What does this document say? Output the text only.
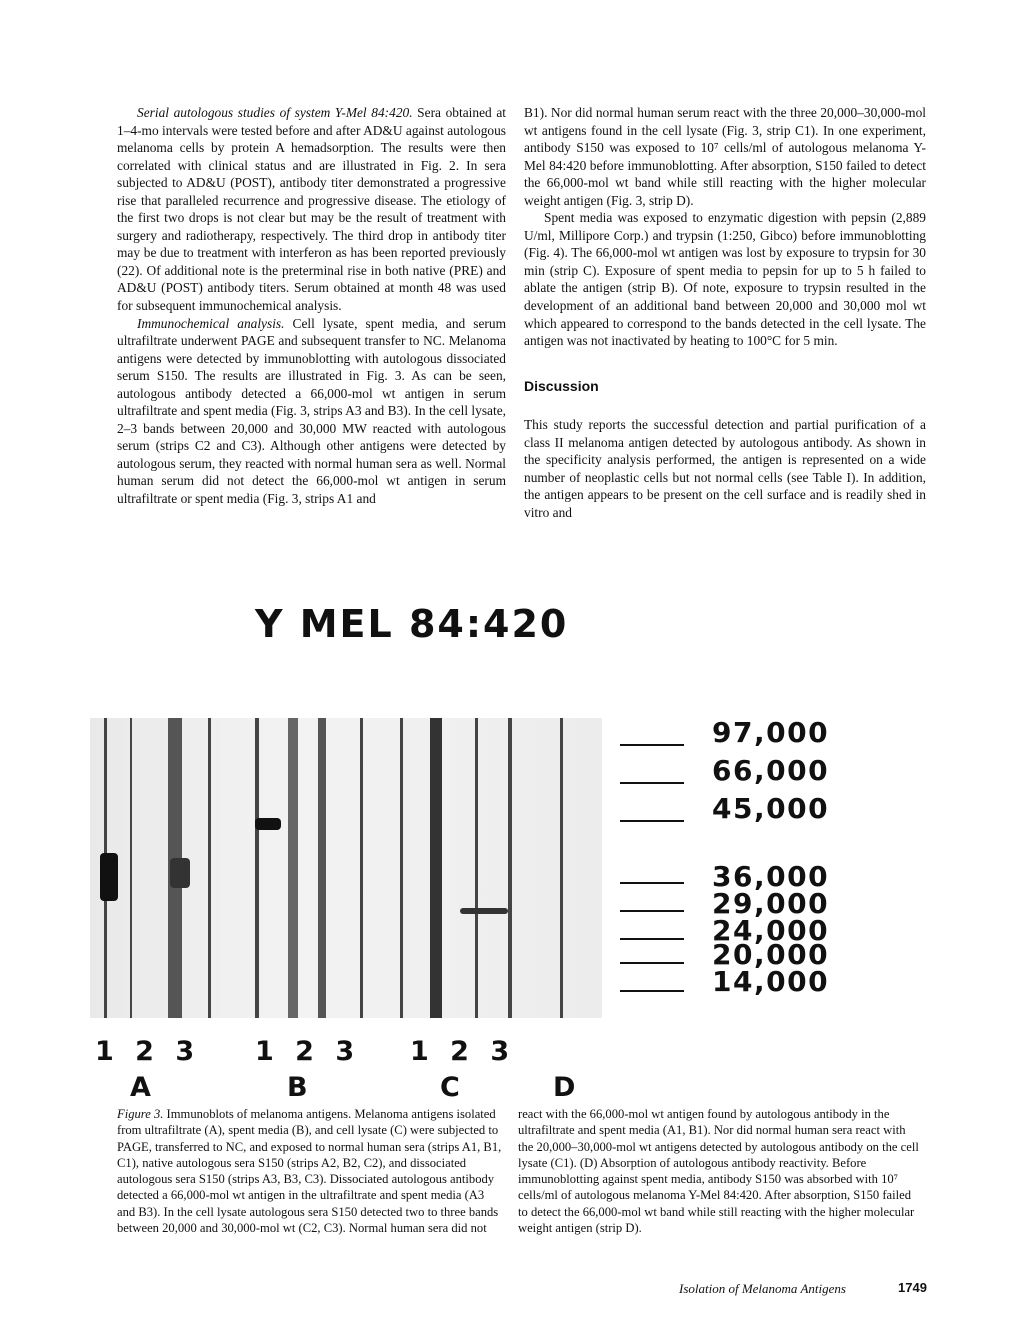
Serial autologous studies of system Y-Mel 84:420. Sera obtained at 1–4-mo intervals were tested before and after AD&U against autologous melanoma cells by protein A hemadsorption. The results were then correlated with clinical status and are illustrated in Fig. 2. In sera subjected to AD&U (POST), antibody titer demonstrated a progressive rise that paralleled recurrence and progressive disease. The etiology of the first two drops is not clear but may be the result of treatment with surgery and radiotherapy, respectively. The third drop in antibody titer may be due to treatment with interferon as has been reported previously (22). Of additional note is the preterminal rise in both native (PRE) and AD&U (POST) antibody titers. Serum obtained at month 48 was used for subsequent immunochemical analysis.

Immunochemical analysis. Cell lysate, spent media, and serum ultrafiltrate underwent PAGE and subsequent transfer to NC. Melanoma antigens were detected by immunoblotting with autologous dissociated serum S150. The results are illustrated in Fig. 3. As can be seen, autologous antibody detected a 66,000-mol wt antigen in serum ultrafiltrate and spent media (Fig. 3, strips A3 and B3). In the cell lysate, 2–3 bands between 20,000 and 30,000 MW reacted with autologous serum (strips C2 and C3). Although other antigens were detected by autologous serum, they reacted with normal human sera as well. Normal human serum did not detect the 66,000-mol wt antigen in serum ultrafiltrate or spent media (Fig. 3, strips A1 and

B1). Nor did normal human serum react with the three 20,000–30,000-mol wt antigens found in the cell lysate (Fig. 3, strip C1). In one experiment, antibody S150 was exposed to 10⁷ cells/ml of autologous melanoma Y-Mel 84:420 before immunoblotting. After absorption, S150 failed to detect the 66,000-mol wt band while still reacting with the higher molecular weight antigen (Fig. 3, strip D).

Spent media was exposed to enzymatic digestion with pepsin (2,889 U/ml, Millipore Corp.) and trypsin (1:250, Gibco) before immunoblotting (Fig. 4). The 66,000-mol wt antigen was lost by exposure to trypsin for 30 min (strip C). Exposure of spent media to pepsin for up to 5 h failed to ablate the antigen (strip B). Of note, exposure to trypsin resulted in the development of an additional band between 20,000 and 30,000 mol wt which appeared to correspond to the bands detected in the cell lysate. The antigen was not inactivated by heating to 100°C for 5 min.

Discussion

This study reports the successful detection and partial purification of a class II melanoma antigen detected by autologous antibody. As shown in the specificity analysis performed, the antigen is represented on a wide number of neoplastic cells but not normal cells (see Table I). In addition, the antigen appears to be present on the cell surface and is readily shed in vitro and

Y MEL 84:420
97,000
66,000
45,000
36,000
29,000
24,000
20,000
14,000
1 2 3 1 2 3 1 2 3
A	B	C	D
Figure 3. Immunoblots of melanoma antigens. Melanoma antigens isolated from ultrafiltrate (A), spent media (B), and cell lysate (C) were subjected to PAGE, transferred to NC, and exposed to normal human sera (strips A1, B1, C1), native autologous sera S150 (strips A2, B2, C2), and dissociated autologous sera S150 (strips A3, B3, C3). Dissociated autologous antibody detected a 66,000-mol wt antigen in the ultrafiltrate and spent media (A3 and B3). In the cell lysate autologous sera S150 detected two to three bands between 20,000 and 30,000-mol wt (C2, C3). Normal human sera did not
react with the 66,000-mol wt antigen found by autologous antibody in the ultrafiltrate and spent media (A1, B1). Nor did normal human sera react with the 20,000–30,000-mol wt antigens detected by autologous antibody on the cell lysate (C1). (D) Absorption of autologous antibody reactivity. Before immunoblotting against spent media, antibody S150 was absorbed with 10⁷ cells/ml of autologous melanoma Y-Mel 84:420. After absorption, S150 failed to detect the 66,000-mol wt band while still reacting with the higher molecular weight antigen (strip D).
Isolation of Melanoma Antigens	1749
